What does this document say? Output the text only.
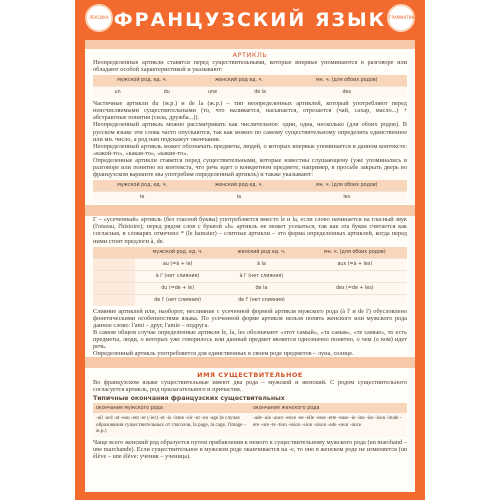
ЛЕКСИКА ФРАНЦУЗСКИЙ ЯЗЫК ГРАММАТИКА
АРТИКЛЬ

Неопределенные артикли ставятся перед существительными, которые впервые упоминаются в разговоре или обладают особой характеристикой и указывают:

мужской род, ед. ч.		женский род ед. ч.		мн. ч. (для обоих родов)
un	du	une	de la	des

Частичные артикли du (м.р.) и de la (ж.р.) – тип неопределенных артиклей, который употребляют перед неисчисляемыми существительными (то, что наливается, насыпается, отрезается (чай, сахар, масло...) + абстрактные понятия (сила, дружба...)).

Неопределенный артикль можно рассматривать как числительное: один, одна, несколько (для обоих родов). В русском языке эти слова часто опускаются, так как можно по самому существительному определить единственное или мн. число, а род нам подскажут окончания.

Неопределенный артикль может обозначать предметы, людей, о которых впервые упоминается в данном контексте: «какой-то», «какая-то», «какие-то».

Определенные артикли ставятся перед существительными, которые известны слушающему (уже упоминались в разговоре или понятно из контекста, что речь идет о конкретном предмете; например, в просьбе закрыть дверь во французском варианте мы употребим определенный артикль) и также указывают:

мужской род, ед. ч.	женский род ед. ч.	мн. ч. (для обоих родов)
le	la	les

Г – «усеченный» артикль (без гласной буквы) употребляется вместо le и la, если слово начинается на гласный звук (l'oiseau, l'histoire); перед рядом слов с буквой «h» артикль не может усекаться, так как эта буква считается как согласная, в словарях отмечено * (le hamster) – слитные артикли – это форма определенных артиклей, когда перед ними стоят предлоги à, de.

	мужской род, ед. ч.	женский род ед. ч.	мн. ч. (для обоих родов)
	au (=à + le)	à la	aux (=à + les)
	à l' (нет слияния)	à l' (нет слияния)	
	du (=de + le)	de la	des (=de + les)
	de l' (нет слияния)	de l' (нет слияния)	

Слияние артиклей или, наоборот, неслияние с усеченной формой артикля мужского рода (à l' и de l') обусловлено фонетическими особенностями языка. По усеченной форме артикля нельзя понять женского или мужского рода данное слово: l'ami – друг, l'amie – подруга.

В самом общем случае определенные артикли le, la, les обозначают «этот самый», «та самая», «те самые», то есть предметы, люди, о которых уже говорилось или данный предмет является однозначно понятно, о чем (о ком) идет речь.

Определенный артикль употребляется для единственных в своем роде предметов – луна, солнце.

ИМЯ СУЩЕСТВИТЕЛЬНОЕ

Во французском языке существительные имеют два рода – мужской и женский. С родом существительного согласуется артикль, род прилагательного и причастия.

Типичные окончания французских существительных
окончания мужского рода	окончания женского рода
-ail -ard -at -eau -ent -er (-ier) -et -is -isme -oir -ot -on -age (в случае образования существительных от глаголов, la page, la cage, l'image – ж.р.)	-ade -aie -ance -ence -ee -elle -esse -ette -euse -ie -ine -ise -ison -itude -ere -ure -te -tion -ssion -sion -aison -ade -oeur -ance

Чаще всего женский род образуется путем прибавления к немого к существительному мужского рода (un marchand – une marchande). Если существительное в мужском роде оканчивается на -е, то оно в женском роде не изменяется (un élève – une élève: ученик – ученица).
